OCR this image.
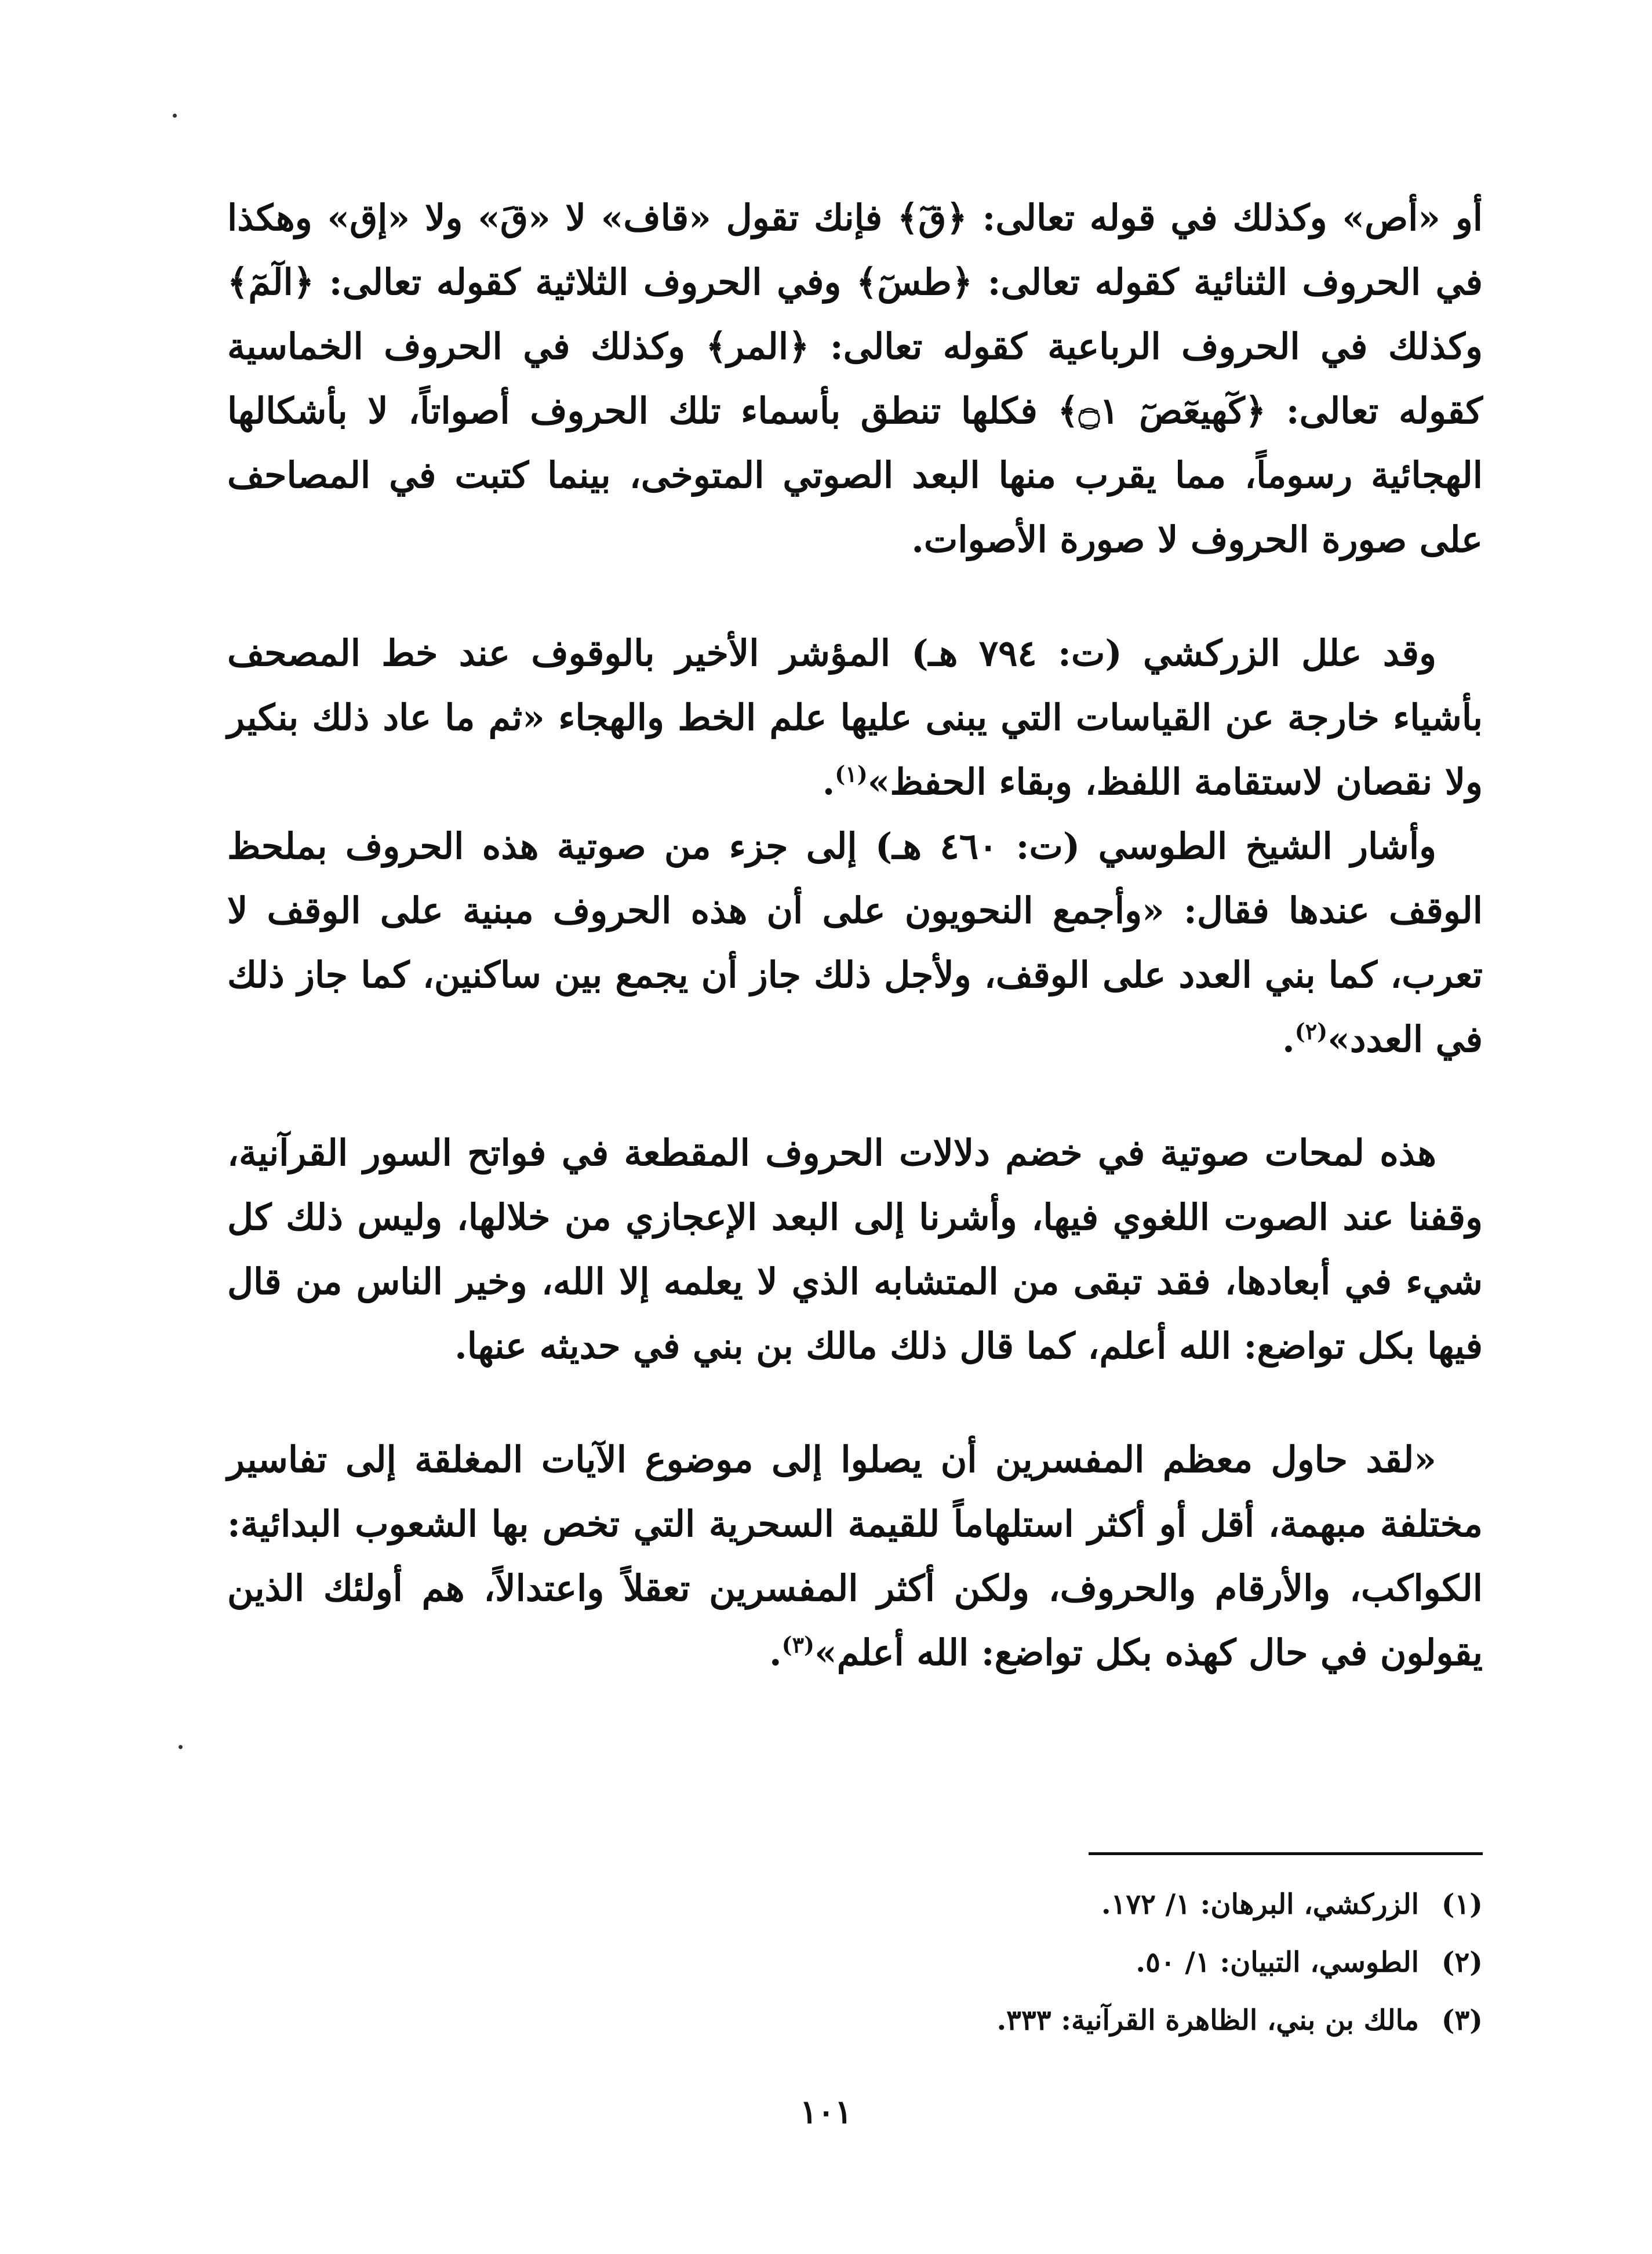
أو «أص» وكذلك في قوله تعالى: ﴿قٓ﴾ فإنك تقول «قاف» لا «قَ» ولا «إق» وهكذا في الحروف الثنائية كقوله تعالى: ﴿طسٓ﴾ وفي الحروف الثلاثية كقوله تعالى: ﴿الٓمٓ﴾ وكذلك في الحروف الرباعية كقوله تعالى: ﴿المر﴾ وكذلك في الحروف الخماسية كقوله تعالى: ﴿كٓهيعٓصٓ ۝١﴾ فكلها تنطق بأسماء تلك الحروف أصواتاً، لا بأشكالها الهجائية رسوماً، مما يقرب منها البعد الصوتي المتوخى، بينما كتبت في المصاحف على صورة الحروف لا صورة الأصوات.

وقد علل الزركشي (ت: ٧٩٤ هـ) المؤشر الأخير بالوقوف عند خط المصحف بأشياء خارجة عن القياسات التي يبنى عليها علم الخط والهجاء «ثم ما عاد ذلك بنكير ولا نقصان لاستقامة اللفظ، وبقاء الحفظ»$^{(١)}$.

وأشار الشيخ الطوسي (ت: ٤٦٠ هـ) إلى جزء من صوتية هذه الحروف بملحظ الوقف عندها فقال: «وأجمع النحويون على أن هذه الحروف مبنية على الوقف لا تعرب، كما بني العدد على الوقف، ولأجل ذلك جاز أن يجمع بين ساكنين، كما جاز ذلك في العدد»$^{(٢)}$.

هذه لمحات صوتية في خضم دلالات الحروف المقطعة في فواتح السور القرآنية، وقفنا عند الصوت اللغوي فيها، وأشرنا إلى البعد الإعجازي من خلالها، وليس ذلك كل شيء في أبعادها، فقد تبقى من المتشابه الذي لا يعلمه إلا الله، وخير الناس من قال فيها بكل تواضع: الله أعلم، كما قال ذلك مالك بن بني في حديثه عنها.

«لقد حاول معظم المفسرين أن يصلوا إلى موضوع الآيات المغلقة إلى تفاسير مختلفة مبهمة، أقل أو أكثر استلهاماً للقيمة السحرية التي تخص بها الشعوب البدائية: الكواكب، والأرقام والحروف، ولكن أكثر المفسرين تعقلاً واعتدالاً، هم أولئك الذين يقولون في حال كهذه بكل تواضع: الله أعلم»$^{(٣)}$.

(١)
الزركشي، البرهان: ١/ ١٧٢.
(٢)
الطوسي، التبيان: ١/ ٥٠.
(٣)
مالك بن بني، الظاهرة القرآنية: ٣٣٣.
١٠١
